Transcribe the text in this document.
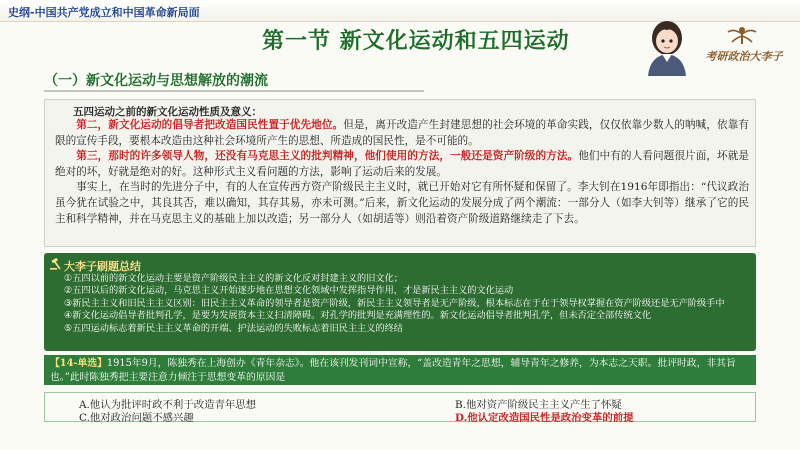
史纲-中国共产党成立和中国革命新局面
第一节 新文化运动和五四运动
考研政治大李子
（一）新文化运动与思想解放的潮流
五四运动之前的新文化运动性质及意义：

第二，新文化运动的倡导者把改造国民性置于优先地位。但是，离开改造产生封建思想的社会环境的革命实践，仅仅依靠少数人的呐喊，依靠有限的宣传手段，要根本改造由这种社会环境所产生的思想、所造成的国民性，是不可能的。
第三，那时的许多领导人物，还没有马克思主义的批判精神，他们使用的方法，一般还是资产阶级的方法。他们中有的人看问题很片面，坏就是绝对的坏，好就是绝对的好。这种形式主义看问题的方法，影响了运动后来的发展。
事实上，在当时的先进分子中，有的人在宣传西方资产阶级民主主义时，就已开始对它有所怀疑和保留了。李大钊在1916年即指出：“代议政治虽今犹在试验之中，其良其否，难以确知，其存其易，亦未可测。”后来，新文化运动的发展分成了两个潮流：一部分人（如李大钊等）继承了它的民主和科学精神，并在马克思主义的基础上加以改造；另一部分人（如胡适等）则沿着资产阶级道路继续走了下去。

大李子刷题总结
①五四以前的新文化运动主要是资产阶级民主主义的新文化反对封建主义的旧文化；
②五四以后的新文化运动，马克思主义开始逐步地在思想文化领域中发挥指导作用，才是新民主主义的文化运动
③新民主主义和旧民主主义区别：旧民主主义革命的领导者是资产阶级，新民主主义领导者是无产阶级，根本标志在于在于领导权掌握在资产阶级还是无产阶级手中
④新文化运动倡导者批判孔学，是要为发展资本主义扫清障碍。对孔学的批判是充满理性的。新文化运动倡导者批判孔学，但未否定全部传统文化
⑤五四运动标志着新民主主义革命的开端、护法运动的失败标志着旧民主主义的终结
【14-单选】1915年9月，陈独秀在上海创办《青年杂志》。他在该刊发刊词中宣称，“盖改造青年之思想，辅导青年之修养，为本志之天职。批评时政，非其旨也。”此时陈独秀把主要注意力倾注于思想变革的原因是
A.他认为批评时政不利于改造青年思想	B.他对资产阶级民主主义产生了怀疑
C.他对政治问题不感兴趣	D.他认定改造国民性是政治变革的前提
